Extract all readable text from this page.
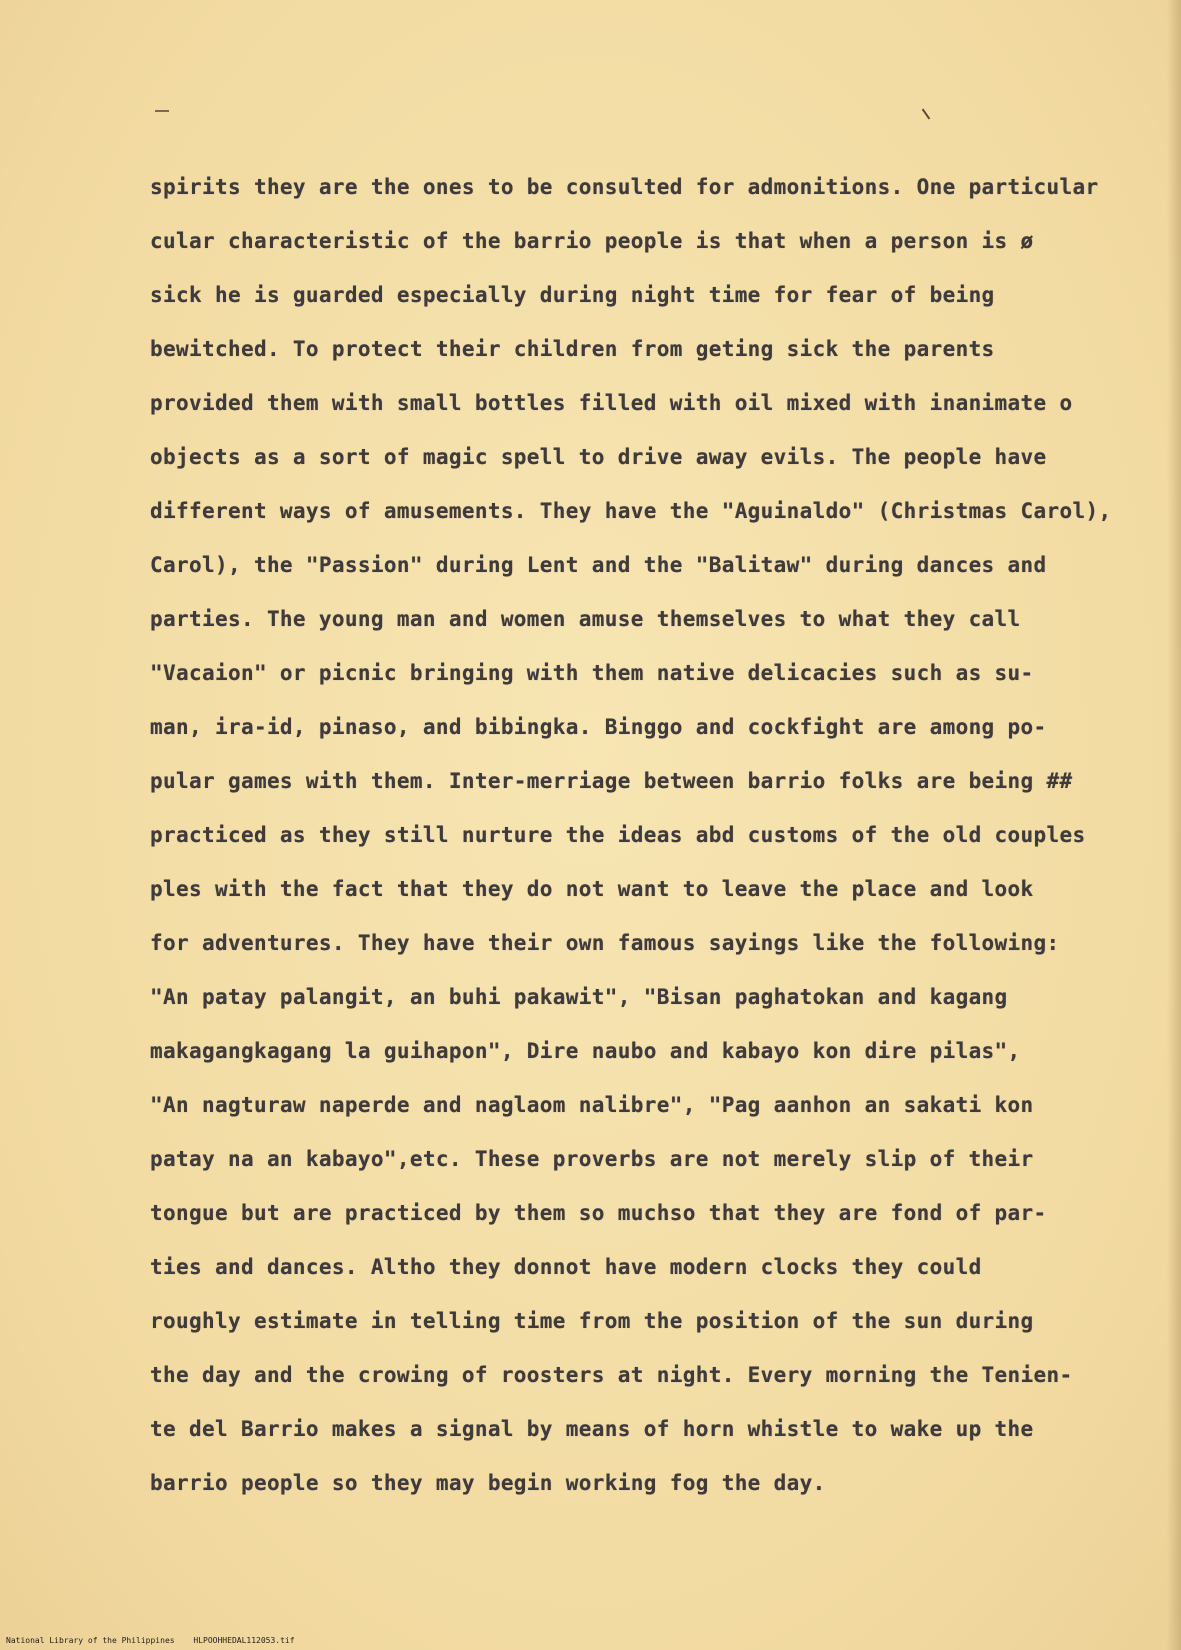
spirits they are the ones to be consulted for admonitions. One particular
cular characteristic of the barrio people is that when a person is ø
sick he is guarded especially during night time for fear of being
bewitched. To protect their children from geting sick the parents
provided them with small bottles filled with oil mixed with inanimate o
objects as a sort of magic spell to drive away evils. The people have
different ways of amusements. They have the "Aguinaldo" (Christmas Carol),
Carol), the "Passion" during Lent and the "Balitaw" during dances and
parties. The young man and women amuse themselves to what they call
"Vacaion" or picnic bringing with them native delicacies such as su-
man, ira-id, pinaso, and bibingka. Binggo and cockfight are among po-
pular games with them. Inter-merriage between barrio folks are being ##
practiced as they still nurture the ideas abd customs of the old couples
ples with the fact that they do not want to leave the place and look
for adventures. They have their own famous sayings like the following:
"An patay palangit, an buhi pakawit", "Bisan paghatokan and kagang
makagangkagang la guihapon", Dire naubo and kabayo kon dire pilas",
"An nagturaw naperde and naglaom nalibre", "Pag aanhon an sakati kon
patay na an kabayo",etc. These proverbs are not merely slip of their
tongue but are practiced by them so muchso that they are fond of par-
ties and dances. Altho they donnot have modern clocks they could
roughly estimate in telling time from the position of the sun during
the day and the crowing of roosters at night. Every morning the Tenien-
te del Barrio makes a signal by means of horn whistle to wake up the
barrio people so they may begin working fog the day.
National Library of the Philippines HLPOOHHEDAL112053.tif
